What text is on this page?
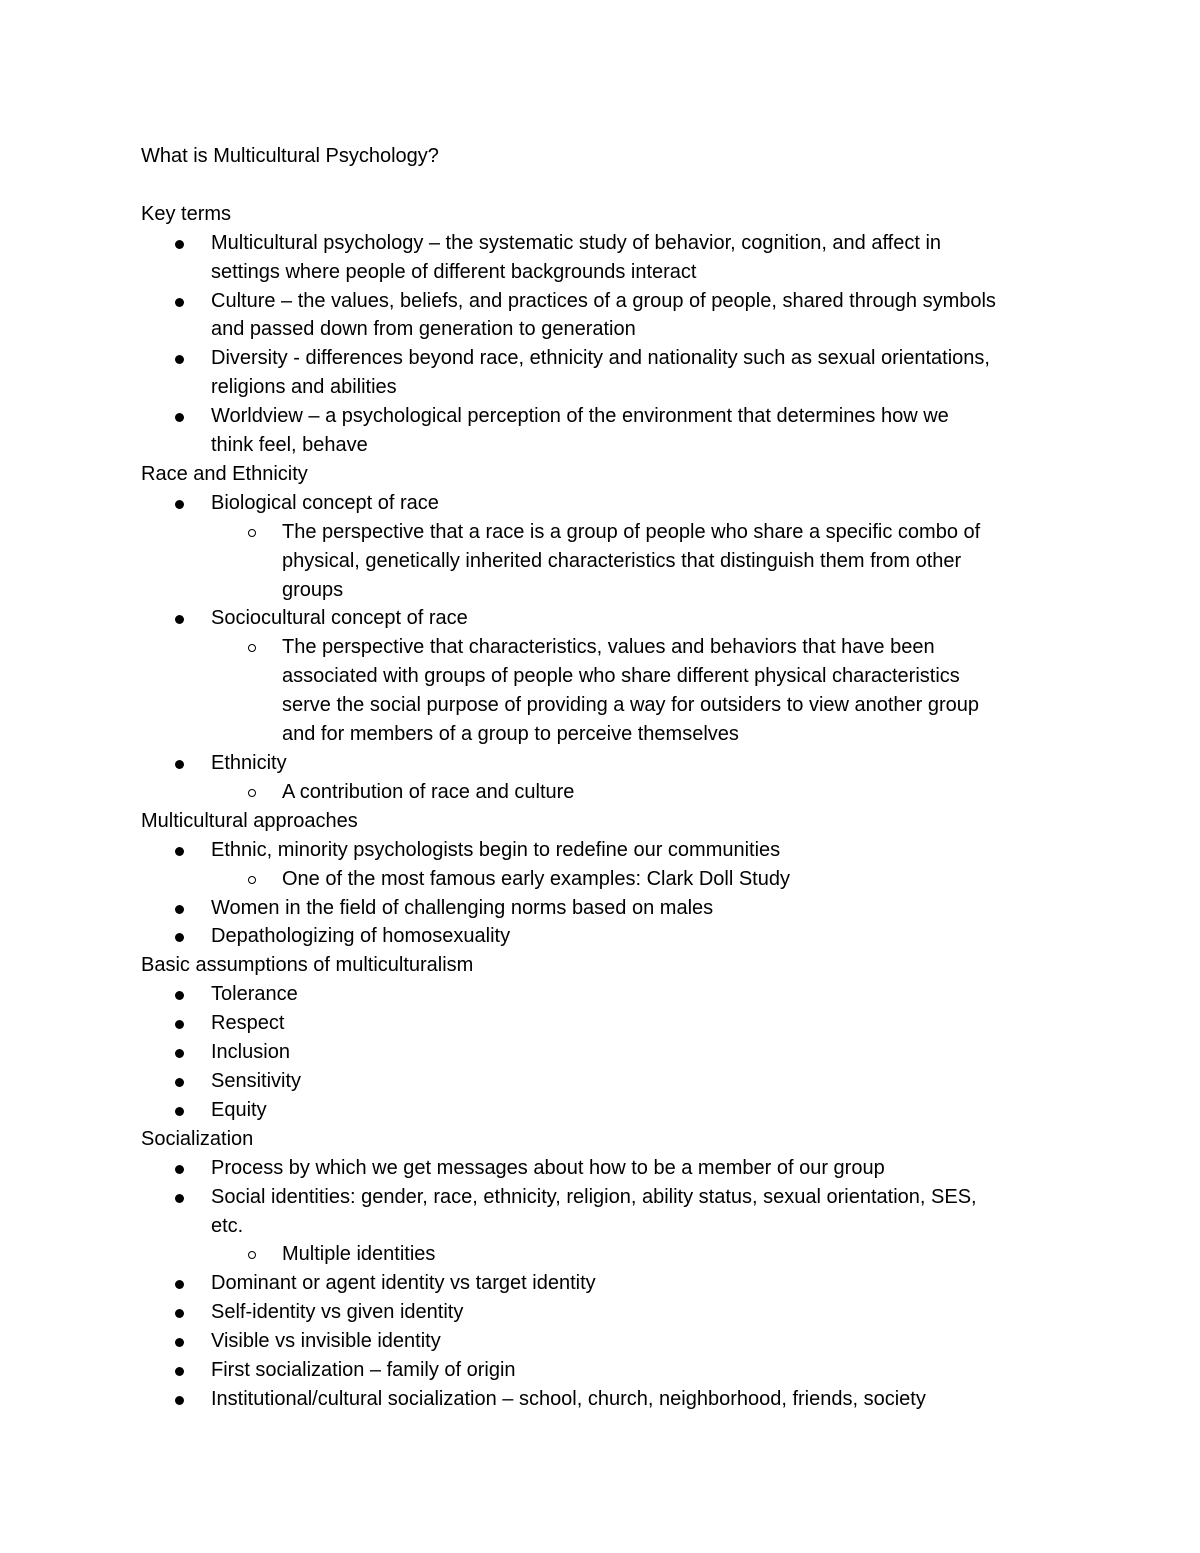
What is Multicultural Psychology?
Key terms
Multicultural psychology – the systematic study of behavior, cognition, and affect in
settings where people of different backgrounds interact
Culture – the values, beliefs, and practices of a group of people, shared through symbols
and passed down from generation to generation
Diversity - differences beyond race, ethnicity and nationality such as sexual orientations,
religions and abilities
Worldview – a psychological perception of the environment that determines how we
think feel, behave
Race and Ethnicity
Biological concept of race
The perspective that a race is a group of people who share a specific combo of
physical, genetically inherited characteristics that distinguish them from other
groups
Sociocultural concept of race
The perspective that characteristics, values and behaviors that have been
associated with groups of people who share different physical characteristics
serve the social purpose of providing a way for outsiders to view another group
and for members of a group to perceive themselves
Ethnicity
A contribution of race and culture
Multicultural approaches
Ethnic, minority psychologists begin to redefine our communities
One of the most famous early examples: Clark Doll Study
Women in the field of challenging norms based on males
Depathologizing of homosexuality
Basic assumptions of multiculturalism
Tolerance
Respect
Inclusion
Sensitivity
Equity
Socialization
Process by which we get messages about how to be a member of our group
Social identities: gender, race, ethnicity, religion, ability status, sexual orientation, SES,
etc.
Multiple identities
Dominant or agent identity vs target identity
Self-identity vs given identity
Visible vs invisible identity
First socialization – family of origin
Institutional/cultural socialization – school, church, neighborhood, friends, society
